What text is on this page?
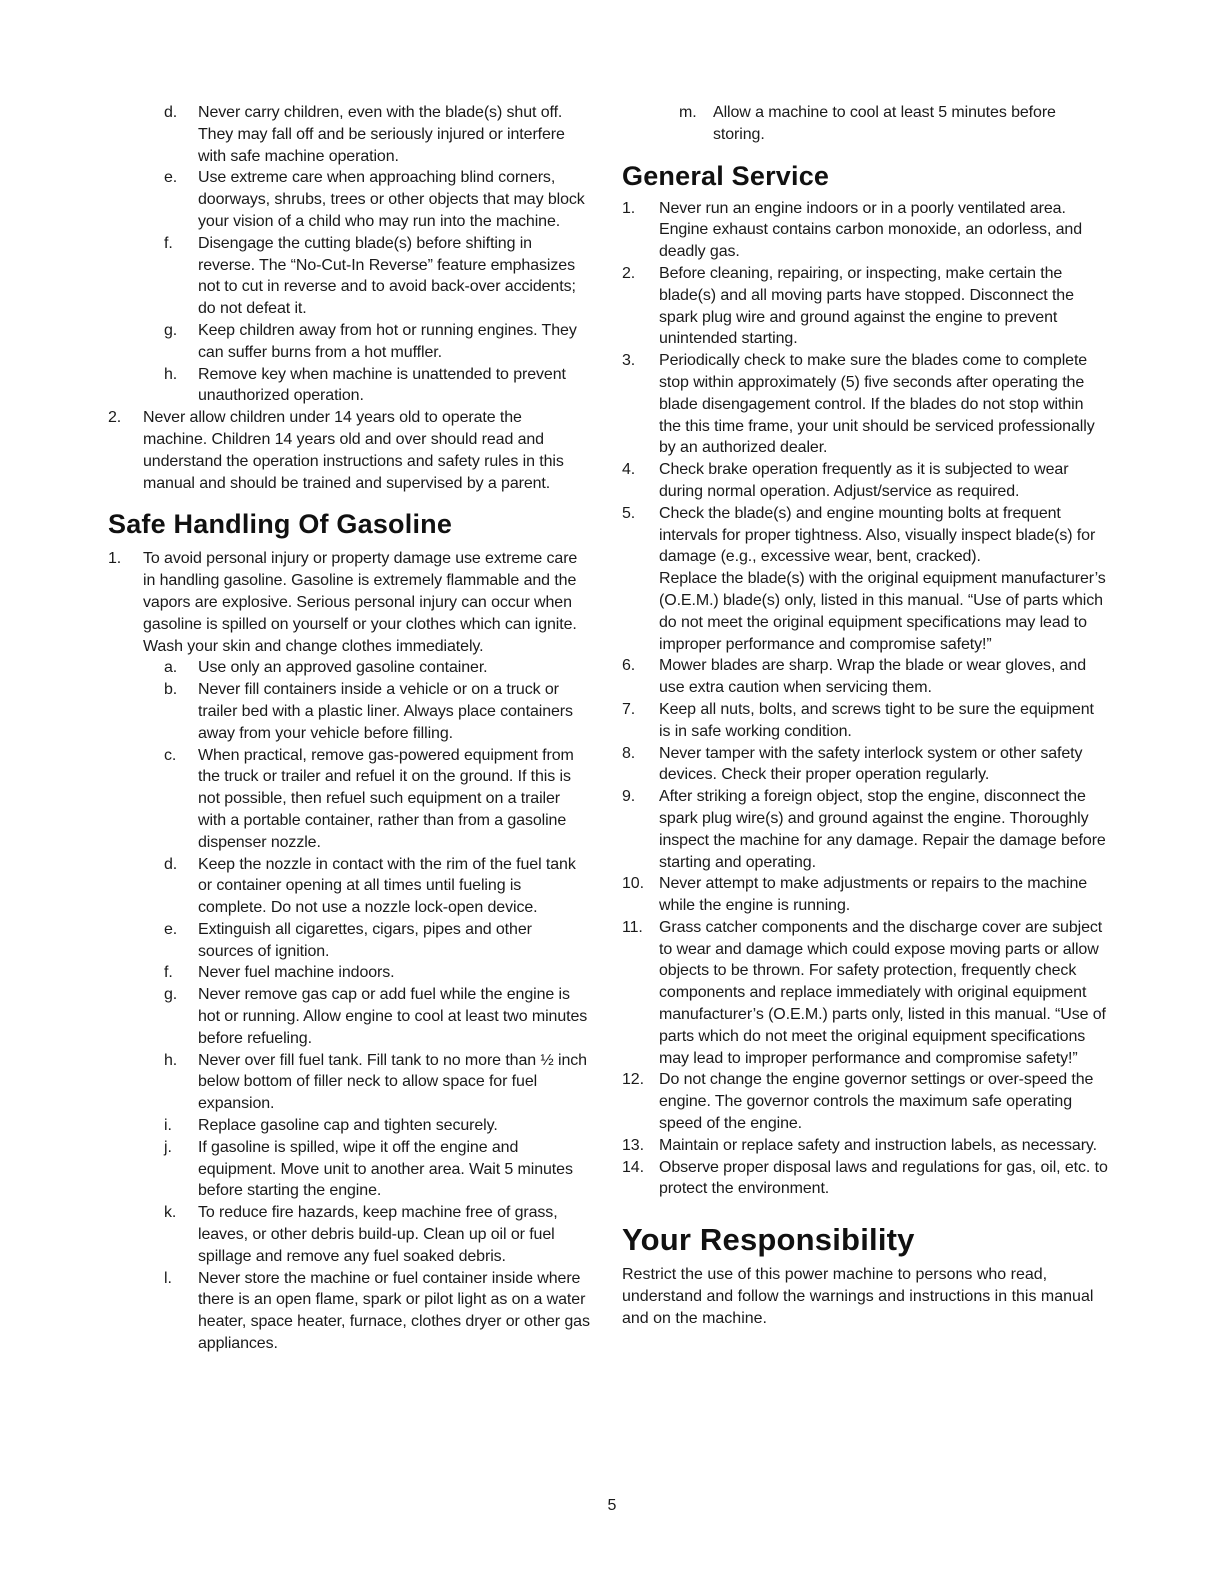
d. Never carry children, even with the blade(s) shut off. They may fall off and be seriously injured or interfere with safe machine operation.
e. Use extreme care when approaching blind corners, doorways, shrubs, trees or other objects that may block your vision of a child who may run into the machine.
f. Disengage the cutting blade(s) before shifting in reverse. The “No-Cut-In Reverse” feature emphasizes not to cut in reverse and to avoid back-over accidents; do not defeat it.
g. Keep children away from hot or running engines. They can suffer burns from a hot muffler.
h. Remove key when machine is unattended to prevent unauthorized operation.
2. Never allow children under 14 years old to operate the machine. Children 14 years old and over should read and understand the operation instructions and safety rules in this manual and should be trained and supervised by a parent.
Safe Handling Of Gasoline
1. To avoid personal injury or property damage use extreme care in handling gasoline. Gasoline is extremely flammable and the vapors are explosive. Serious personal injury can occur when gasoline is spilled on yourself or your clothes which can ignite. Wash your skin and change clothes immediately.
a. Use only an approved gasoline container.
b. Never fill containers inside a vehicle or on a truck or trailer bed with a plastic liner. Always place containers away from your vehicle before filling.
c. When practical, remove gas-powered equipment from the truck or trailer and refuel it on the ground. If this is not possible, then refuel such equipment on a trailer with a portable container, rather than from a gasoline dispenser nozzle.
d. Keep the nozzle in contact with the rim of the fuel tank or container opening at all times until fueling is complete. Do not use a nozzle lock-open device.
e. Extinguish all cigarettes, cigars, pipes and other sources of ignition.
f. Never fuel machine indoors.
g. Never remove gas cap or add fuel while the engine is hot or running. Allow engine to cool at least two minutes before refueling.
h. Never over fill fuel tank. Fill tank to no more than ½ inch below bottom of filler neck to allow space for fuel expansion.
i. Replace gasoline cap and tighten securely.
j. If gasoline is spilled, wipe it off the engine and equipment. Move unit to another area. Wait 5 minutes before starting the engine.
k. To reduce fire hazards, keep machine free of grass, leaves, or other debris build-up. Clean up oil or fuel spillage and remove any fuel soaked debris.
l. Never store the machine or fuel container inside where there is an open flame, spark or pilot light as on a water heater, space heater, furnace, clothes dryer or other gas appliances.
m. Allow a machine to cool at least 5 minutes before storing.
General Service
1. Never run an engine indoors or in a poorly ventilated area. Engine exhaust contains carbon monoxide, an odorless, and deadly gas.
2. Before cleaning, repairing, or inspecting, make certain the blade(s) and all moving parts have stopped. Disconnect the spark plug wire and ground against the engine to prevent unintended starting.
3. Periodically check to make sure the blades come to complete stop within approximately (5) five seconds after operating the blade disengagement control. If the blades do not stop within the this time frame, your unit should be serviced professionally by an authorized dealer.
4. Check brake operation frequently as it is subjected to wear during normal operation. Adjust/service as required.
5. Check the blade(s) and engine mounting bolts at frequent intervals for proper tightness. Also, visually inspect blade(s) for damage (e.g., excessive wear, bent, cracked).
Replace the blade(s) with the original equipment manufacturer’s (O.E.M.) blade(s) only, listed in this manual. “Use of parts which do not meet the original equipment specifications may lead to improper performance and compromise safety!”
6. Mower blades are sharp. Wrap the blade or wear gloves, and use extra caution when servicing them.
7. Keep all nuts, bolts, and screws tight to be sure the equipment is in safe working condition.
8. Never tamper with the safety interlock system or other safety devices. Check their proper operation regularly.
9. After striking a foreign object, stop the engine, disconnect the spark plug wire(s) and ground against the engine. Thoroughly inspect the machine for any damage. Repair the damage before starting and operating.
10. Never attempt to make adjustments or repairs to the machine while the engine is running.
11. Grass catcher components and the discharge cover are subject to wear and damage which could expose moving parts or allow objects to be thrown. For safety protection, frequently check components and replace immediately with original equipment manufacturer’s (O.E.M.) parts only, listed in this manual. “Use of parts which do not meet the original equipment specifications may lead to improper performance and compromise safety!”
12. Do not change the engine governor settings or over-speed the engine. The governor controls the maximum safe operating speed of the engine.
13. Maintain or replace safety and instruction labels, as necessary.
14. Observe proper disposal laws and regulations for gas, oil, etc. to protect the environment.
Your Responsibility

Restrict the use of this power machine to persons who read, understand and follow the warnings and instructions in this manual and on the machine.

5
